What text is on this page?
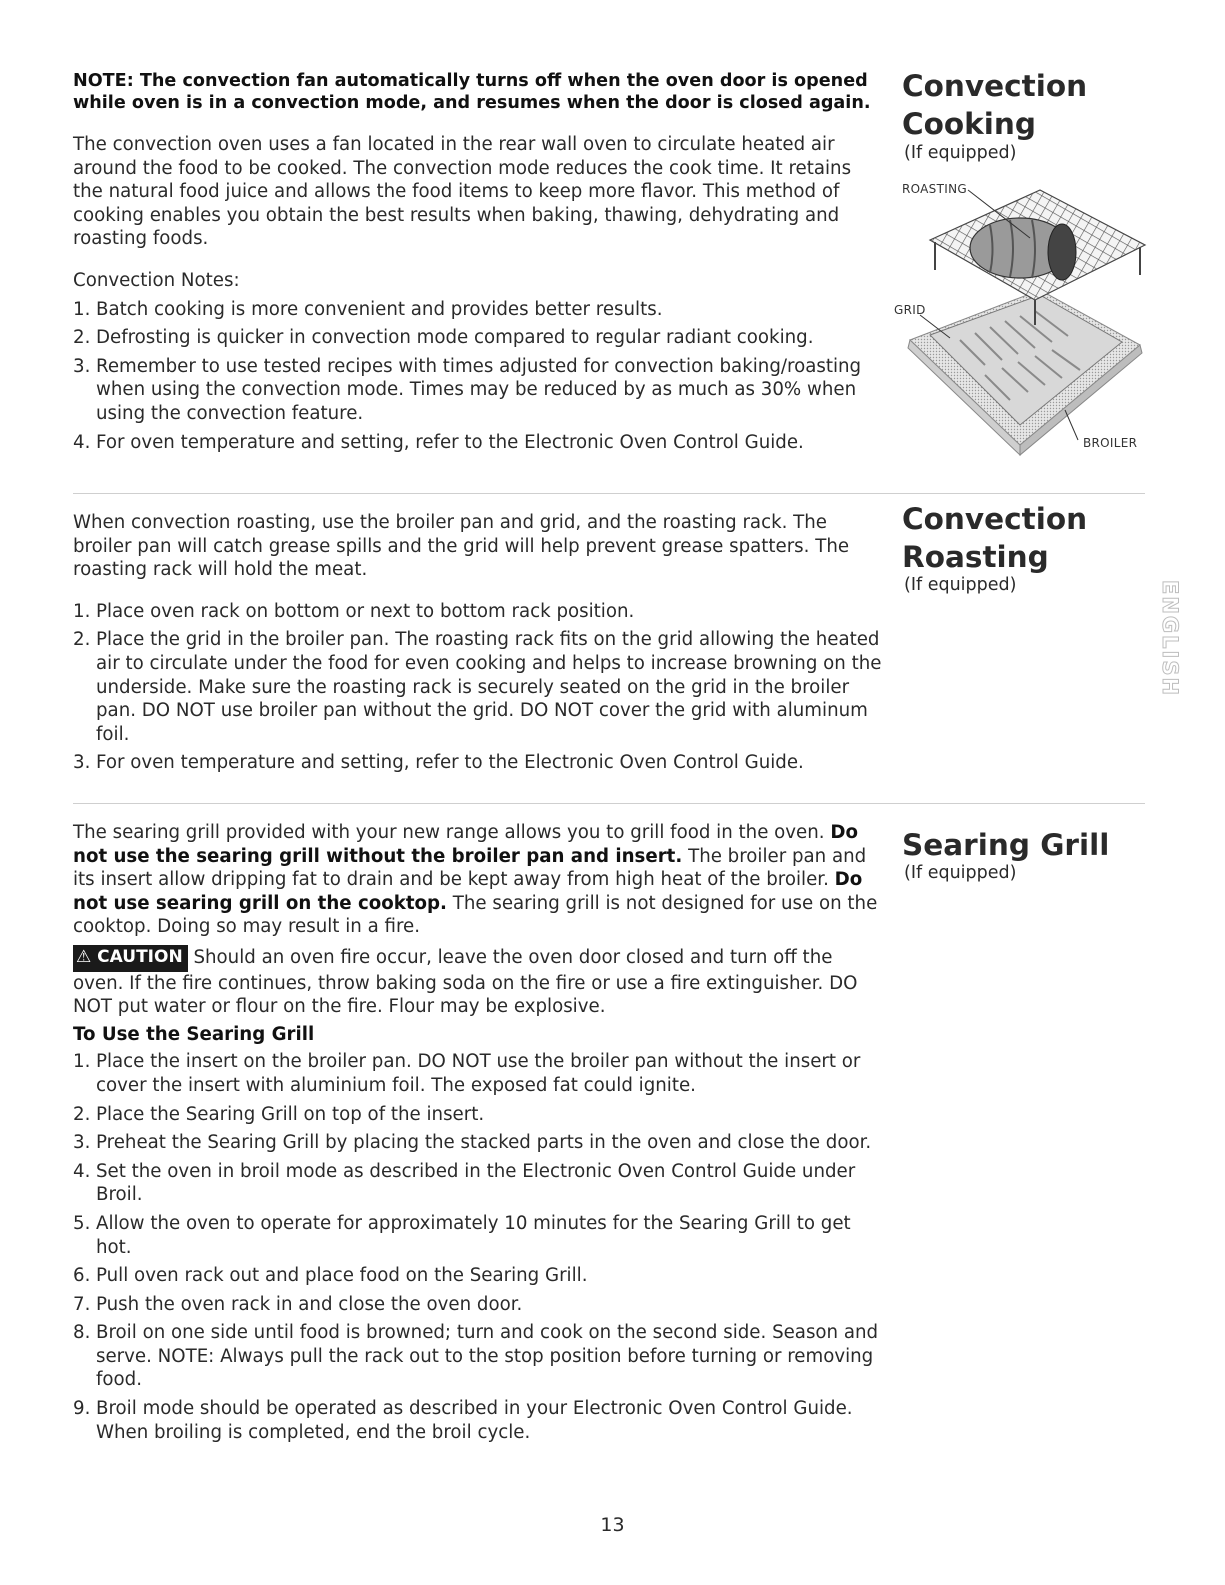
NOTE: The convection fan automatically turns off when the oven door is opened while oven is in a convection mode, and resumes when the door is closed again.

The convection oven uses a fan located in the rear wall oven to circulate heated air around the food to be cooked. The convection mode reduces the cook time. It retains the natural food juice and allows the food items to keep more flavor. This method of cooking enables you obtain the best results when baking, thawing, dehydrating and roasting foods.

Convection Notes:

1. Batch cooking is more convenient and provides better results.
2. Defrosting is quicker in convection mode compared to regular radiant cooking.
3. Remember to use tested recipes with times adjusted for convection baking/roasting when using the convection mode. Times may be reduced by as much as 30% when using the convection feature.
4. For oven temperature and setting, refer to the Electronic Oven Control Guide.
Convection
Cooking
(If equipped)
ROASTING
GRID
BROILER

When convection roasting, use the broiler pan and grid, and the roasting rack. The broiler pan will catch grease spills and the grid will help prevent grease spatters. The roasting rack will hold the meat.

1. Place oven rack on bottom or next to bottom rack position.
2. Place the grid in the broiler pan. The roasting rack fits on the grid allowing the heated air to circulate under the food for even cooking and helps to increase browning on the underside. Make sure the roasting rack is securely seated on the grid in the broiler pan. DO NOT use broiler pan without the grid. DO NOT cover the grid with aluminum foil.
3. For oven temperature and setting, refer to the Electronic Oven Control Guide.
Convection
Roasting
(If equipped)	ENGLISH

The searing grill provided with your new range allows you to grill food in the oven. Do not use the searing grill without the broiler pan and insert. The broiler pan and its insert allow dripping fat to drain and be kept away from high heat of the broiler. Do not use searing grill on the cooktop. The searing grill is not designed for use on the cooktop. Doing so may result in a fire.

⚠ CAUTION Should an oven fire occur, leave the oven door closed and turn off the oven. If the fire continues, throw baking soda on the fire or use a fire extinguisher. DO NOT put water or flour on the fire. Flour may be explosive.

To Use the Searing Grill

1. Place the insert on the broiler pan. DO NOT use the broiler pan without the insert or cover the insert with aluminium foil. The exposed fat could ignite.
2. Place the Searing Grill on top of the insert.
3. Preheat the Searing Grill by placing the stacked parts in the oven and close the door.
4. Set the oven in broil mode as described in the Electronic Oven Control Guide under Broil.
5. Allow the oven to operate for approximately 10 minutes for the Searing Grill to get hot.
6. Pull oven rack out and place food on the Searing Grill.
7. Push the oven rack in and close the oven door.
8. Broil on one side until food is browned; turn and cook on the second side. Season and serve. NOTE: Always pull the rack out to the stop position before turning or removing food.
9. Broil mode should be operated as described in your Electronic Oven Control Guide. When broiling is completed, end the broil cycle.
Searing Grill
(If equipped)
13
